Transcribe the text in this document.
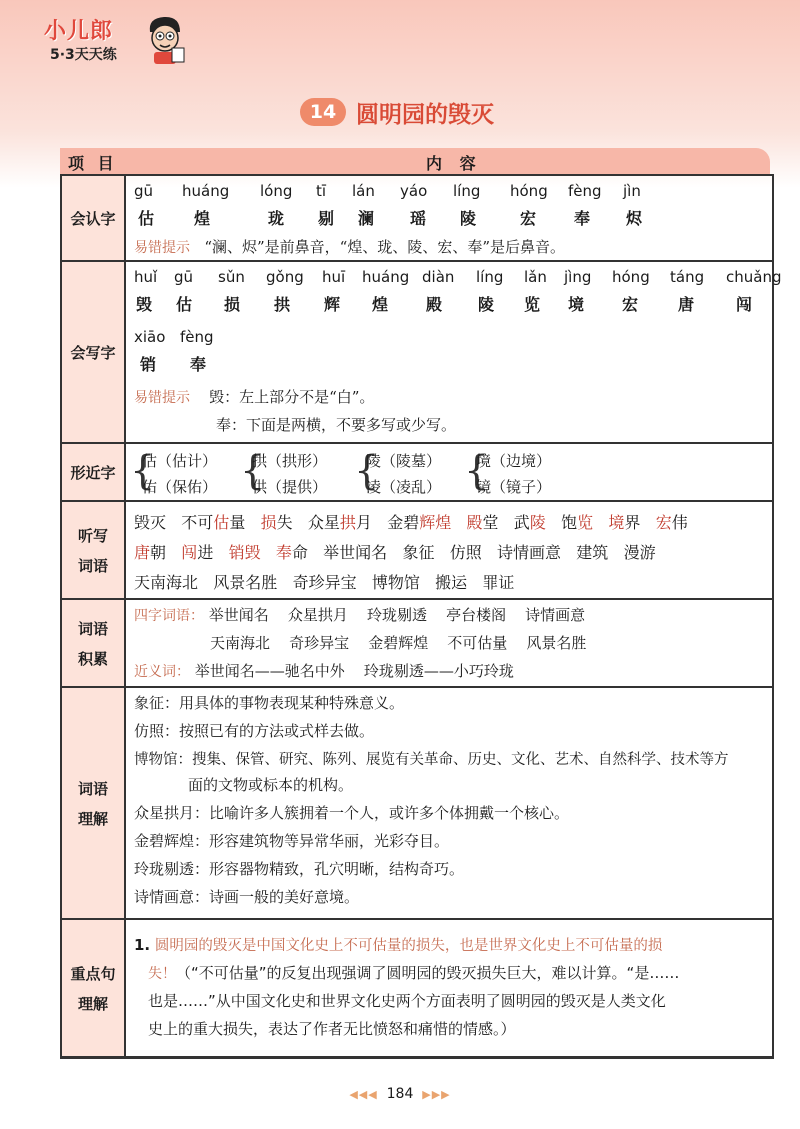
小儿郎
5·3天天练
14 圆明园的毁灭
项 目	内 容
会认字
gū huáng lóng tī lán yáo líng hóng fèng jìn
估 煌	珑 剔 澜 瑶 陵	宏 奉 烬
易错提示 “澜、烬”是前鼻音，“煌、珑、陵、宏、奉”是后鼻音。
会写字
huǐ gū sǔn gǒng huī huáng diàn líng lǎn jìng hóng táng chuǎng
毁 估 损 拱 辉 煌 殿 陵 览 境 宏 唐	闯
xiāo fèng
销 奉
易错提示 毁：左上部分不是“白”。
奉：下面是两横，不要多写或少写。
形近字 {
估（估计）
佑（保佑） {
拱（拱形）
供（提供） {
陵（陵墓）
凌（凌乱） {
境（边境）
镜（镜子）
听写词语
毁灭 不可估量 损失 众星拱月 金碧辉煌 殿堂 武陵 饱览 境界 宏伟
唐朝 闯进 销毁 奉命 举世闻名 象征 仿照 诗情画意 建筑 漫游
天南海北 风景名胜 奇珍异宝 博物馆 搬运 罪证
词语积累
四字词语： 举世闻名 众星拱月 玲珑剔透 亭台楼阁 诗情画意
天南海北 奇珍异宝 金碧辉煌 不可估量 风景名胜
近义词： 举世闻名——驰名中外 玲珑剔透——小巧玲珑
词语理解
象征：用具体的事物表现某种特殊意义。
仿照：按照已有的方法或式样去做。
博物馆：搜集、保管、研究、陈列、展览有关革命、历史、文化、艺术、自然科学、技术等方
面的文物或标本的机构。
众星拱月：比喻许多人簇拥着一个人，或许多个体拥戴一个核心。
金碧辉煌：形容建筑物等异常华丽，光彩夺目。
玲珑剔透：形容器物精致，孔穴明晰，结构奇巧。
诗情画意：诗画一般的美好意境。
重点句理解
1. 圆明园的毁灭是中国文化史上不可估量的损失，也是世界文化史上不可估量的损
失！（“不可估量”的反复出现强调了圆明园的毁灭损失巨大，难以计算。“是……
也是……”从中国文化史和世界文化史两个方面表明了圆明园的毁灭是人类文化
史上的重大损失，表达了作者无比愤怒和痛惜的情感。）
◀◀◀ 184 ▶▶▶
